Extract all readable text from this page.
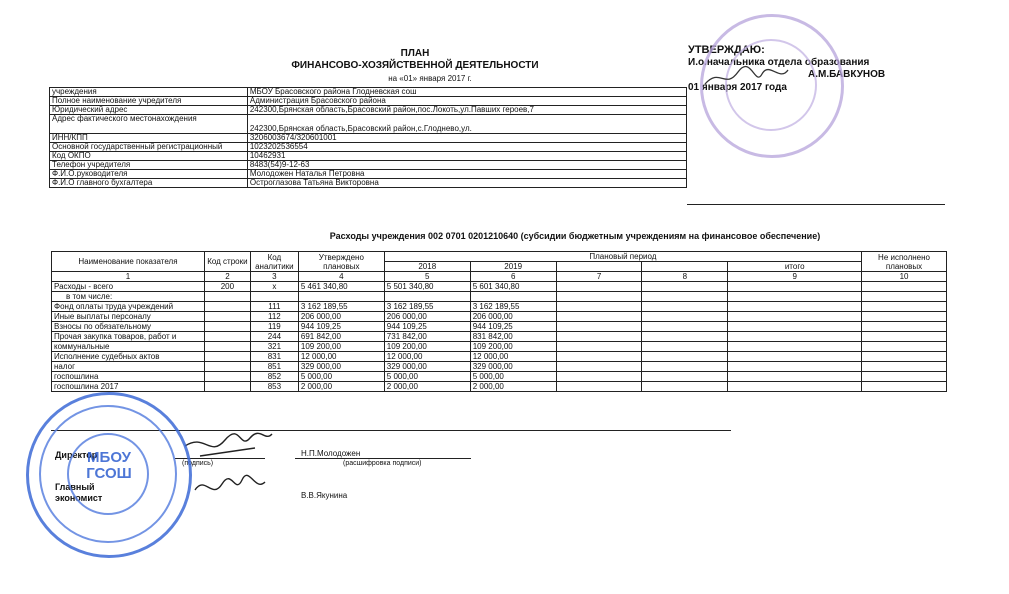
ПЛАН
ФИНАНСОВО-ХОЗЯЙСТВЕННОЙ ДЕЯТЕЛЬНОСТИ
на «01» января 2017 г.
УТВЕРЖДАЮ:
И.о.начальника отдела образования
А.М.БАВКУНОВ
01 января 2017 года
учреждения	МБОУ Брасовского района Глодневская сош
Полное наименование учредителя	Администрация Брасовского района
Юридический адрес	242300,Брянская область,Брасовский район,пос.Локоть,ул.Павших героев,7
Адрес фактического местонахождения	242300,Брянская область,Брасовский район,с.Глоднево,ул.
ИНН/КПП	3206003674/320601001
Основной государственный регистрационный	1023202536554
Код ОКПО	10462931
Телефон учредителя	8483(54)9-12-63
Ф.И.О.руководителя	Молодожен Наталья Петровна
Ф.И.О главного бухгалтера	Остроглазова Татьяна Викторовна
Расходы учреждения 002 0701 0201210640 (субсидии бюджетным учреждениям на финансовое обеспечение)
Наименование показателя	Код строки	Код аналитики	Утверждено плановых	Плановый период					Не исполнено плановых
				2018	2019			итого	
1	2	3	4	5	6	7	8	9	10
Расходы - всего	200	x	5 461 340,80	5 501 340,80	5 601 340,80				
в том числе:									
Фонд оплаты труда учреждений		111	3 162 189,55	3 162 189,55	3 162 189,55				
Иные выплаты персоналу		112	206 000,00	206 000,00	206 000,00				
Взносы по обязательному		119	944 109,25	944 109,25	944 109,25				
Прочая закупка товаров, работ и		244	691 842,00	731 842,00	831 842,00				
коммунальные		321	109 200,00	109 200,00	109 200,00				
Исполнение судебных актов		831	12 000,00	12 000,00	12 000,00				
налог		851	329 000,00	329 000,00	329 000,00				
госпошлина		852	5 000,00	5 000,00	5 000,00				
госпошлина 2017		853	2 000,00	2 000,00	2 000,00				
Директор
(подпись)
Н.П.Молодожен
(расшифровка подписи)
Главный экономист	В.В.Якунина
МБОУ ГСОШ
